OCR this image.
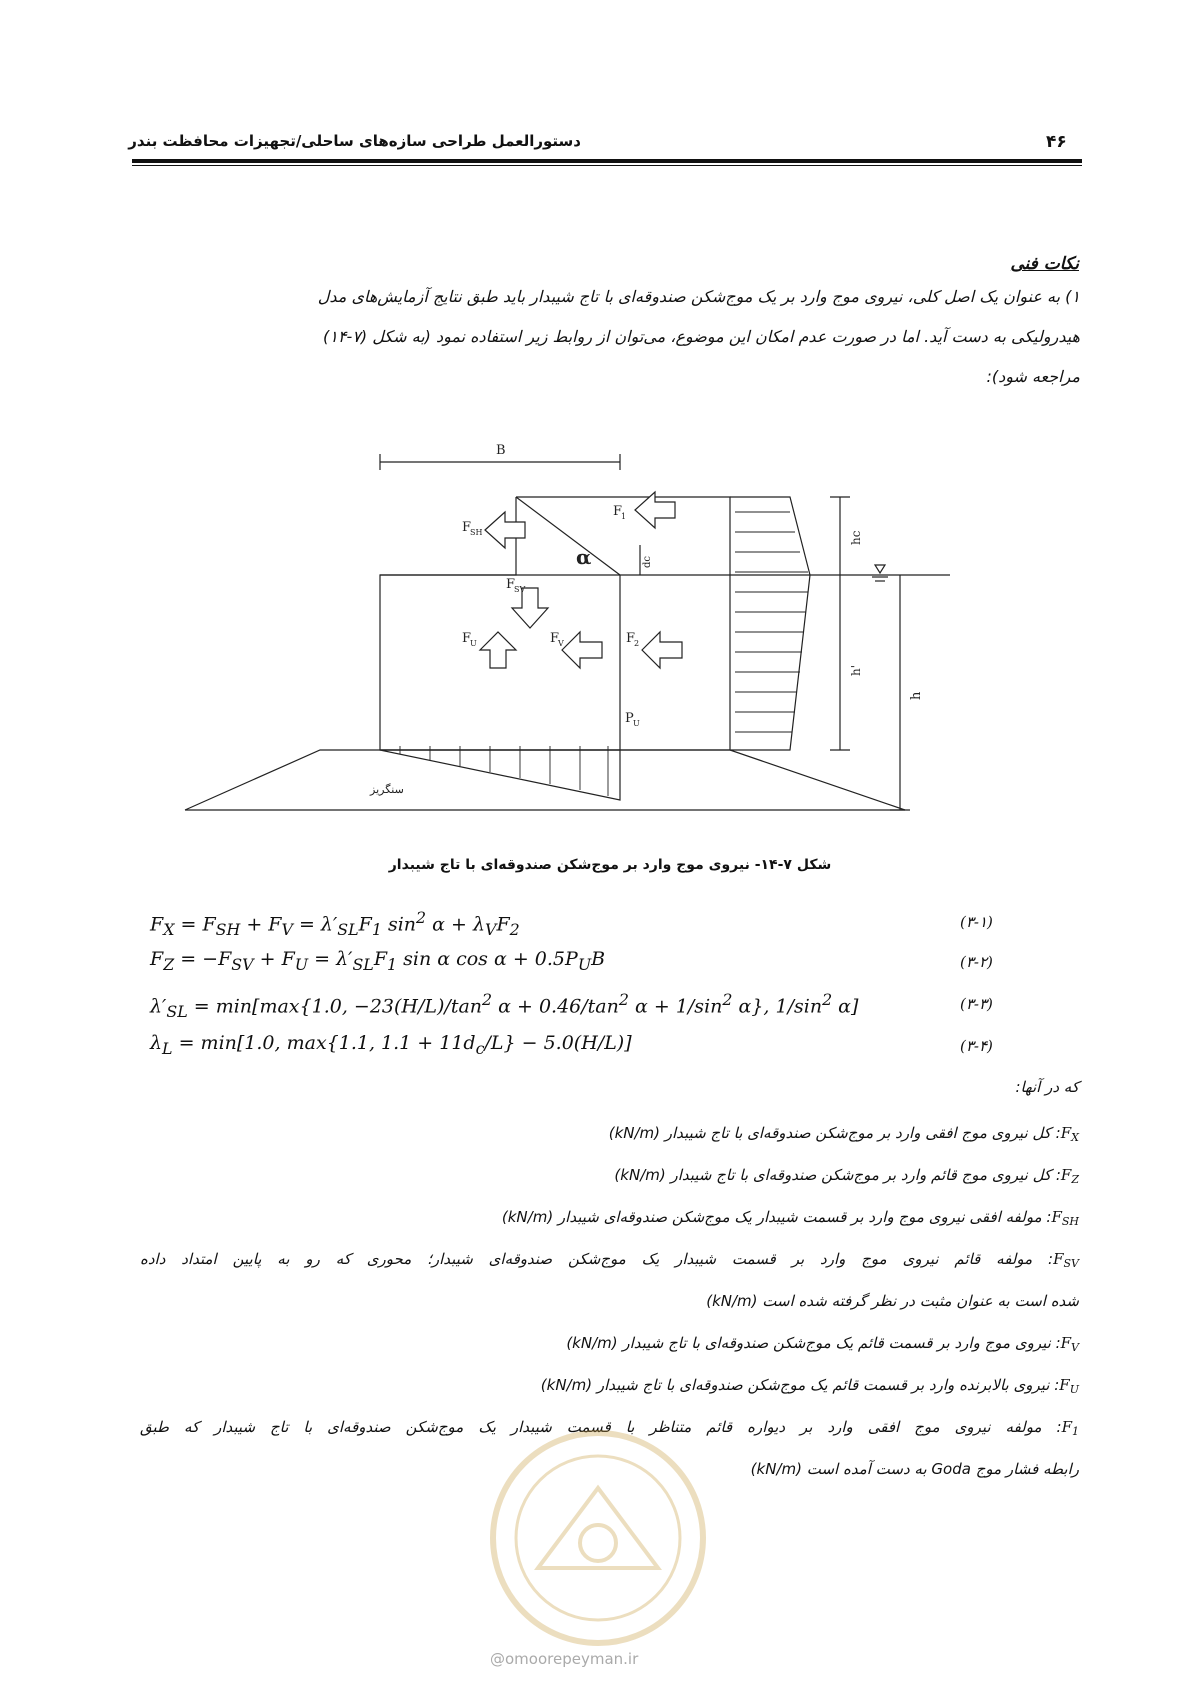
۴۶
دستورالعمل طراحی سازه‌های ساحلی/تجهیزات محافظت بندر
نکات فنی
۱) به عنوان یک اصل کلی، نیروی موج وارد بر یک موج‌شکن صندوقه‌ای با تاج شیبدار باید طبق نتایج آزمایش‌های مدل
هیدرولیکی به دست آید. اما در صورت عدم امکان این موضوع، می‌توان از روابط زیر استفاده نمود (به شکل (۷-۱۴)
مراجعه شود):
B
hc
h'
h
dc
α
F
1
F
SH
F
SV
F
U	F
V	F
2
P U
سنگریز
شکل ۷-۱۴- نیروی موج وارد بر موج‌شکن صندوقه‌ای با تاج شیبدار
$F_X = F_{SH} + F_V = \lambda'_{SL}F_1$ $\sin^2 \alpha + \lambda_VF_2$	(۳-۱)
$F_Z = -F_{SV} + F_U = \lambda'_{SL}F_1$ sin α $\cos \alpha + 0.5P_UB$	(۳-۲)
$\lambda'_{SL} = \min[\max\{1.0$, $-23(H/L)/\tan^2$ $\alpha + 0.46/\tan^2$ $\alpha + 1/\sin^2$ α}, $1/\sin^2$ α]	(۳-۳)
$\lambda_L = \min[1.0$, max{1.1, $1.1 + 11d_c/L\} - 5.0(H/L)$]	(۳-۴)
که در آنها:
$F_X$: کل نیروی موج افقی وارد بر موج‌شکن صندوقه‌ای با تاج شیبدار (kN/m)
$F_Z$: کل نیروی موج قائم وارد بر موج‌شکن صندوقه‌ای با تاج شیبدار (kN/m)
$F_{SH}$: مولفه افقی نیروی موج وارد بر قسمت شیبدار یک موج‌شکن صندوقه‌ای شیبدار (kN/m)
$F_{SV}$: مولفه قائم نیروی موج وارد بر قسمت شیبدار یک موج‌شکن صندوقه‌ای شیبدار؛ محوری که رو به پایین امتداد داده
شده است به عنوان مثبت در نظر گرفته شده است (kN/m)
$F_V$: نیروی موج وارد بر قسمت قائم یک موج‌شکن صندوقه‌ای با تاج شیبدار (kN/m)
$F_U$: نیروی بالابرنده وارد بر قسمت قائم یک موج‌شکن صندوقه‌ای با تاج شیبدار (kN/m)
$F_1$: مولفه نیروی موج افقی وارد بر دیواره قائم متناظر با قسمت شیبدار یک موج‌شکن صندوقه‌ای با تاج شیبدار که طبق
رابطه فشار موج Goda به دست آمده است (kN/m)
@omoorepeyman.ir
